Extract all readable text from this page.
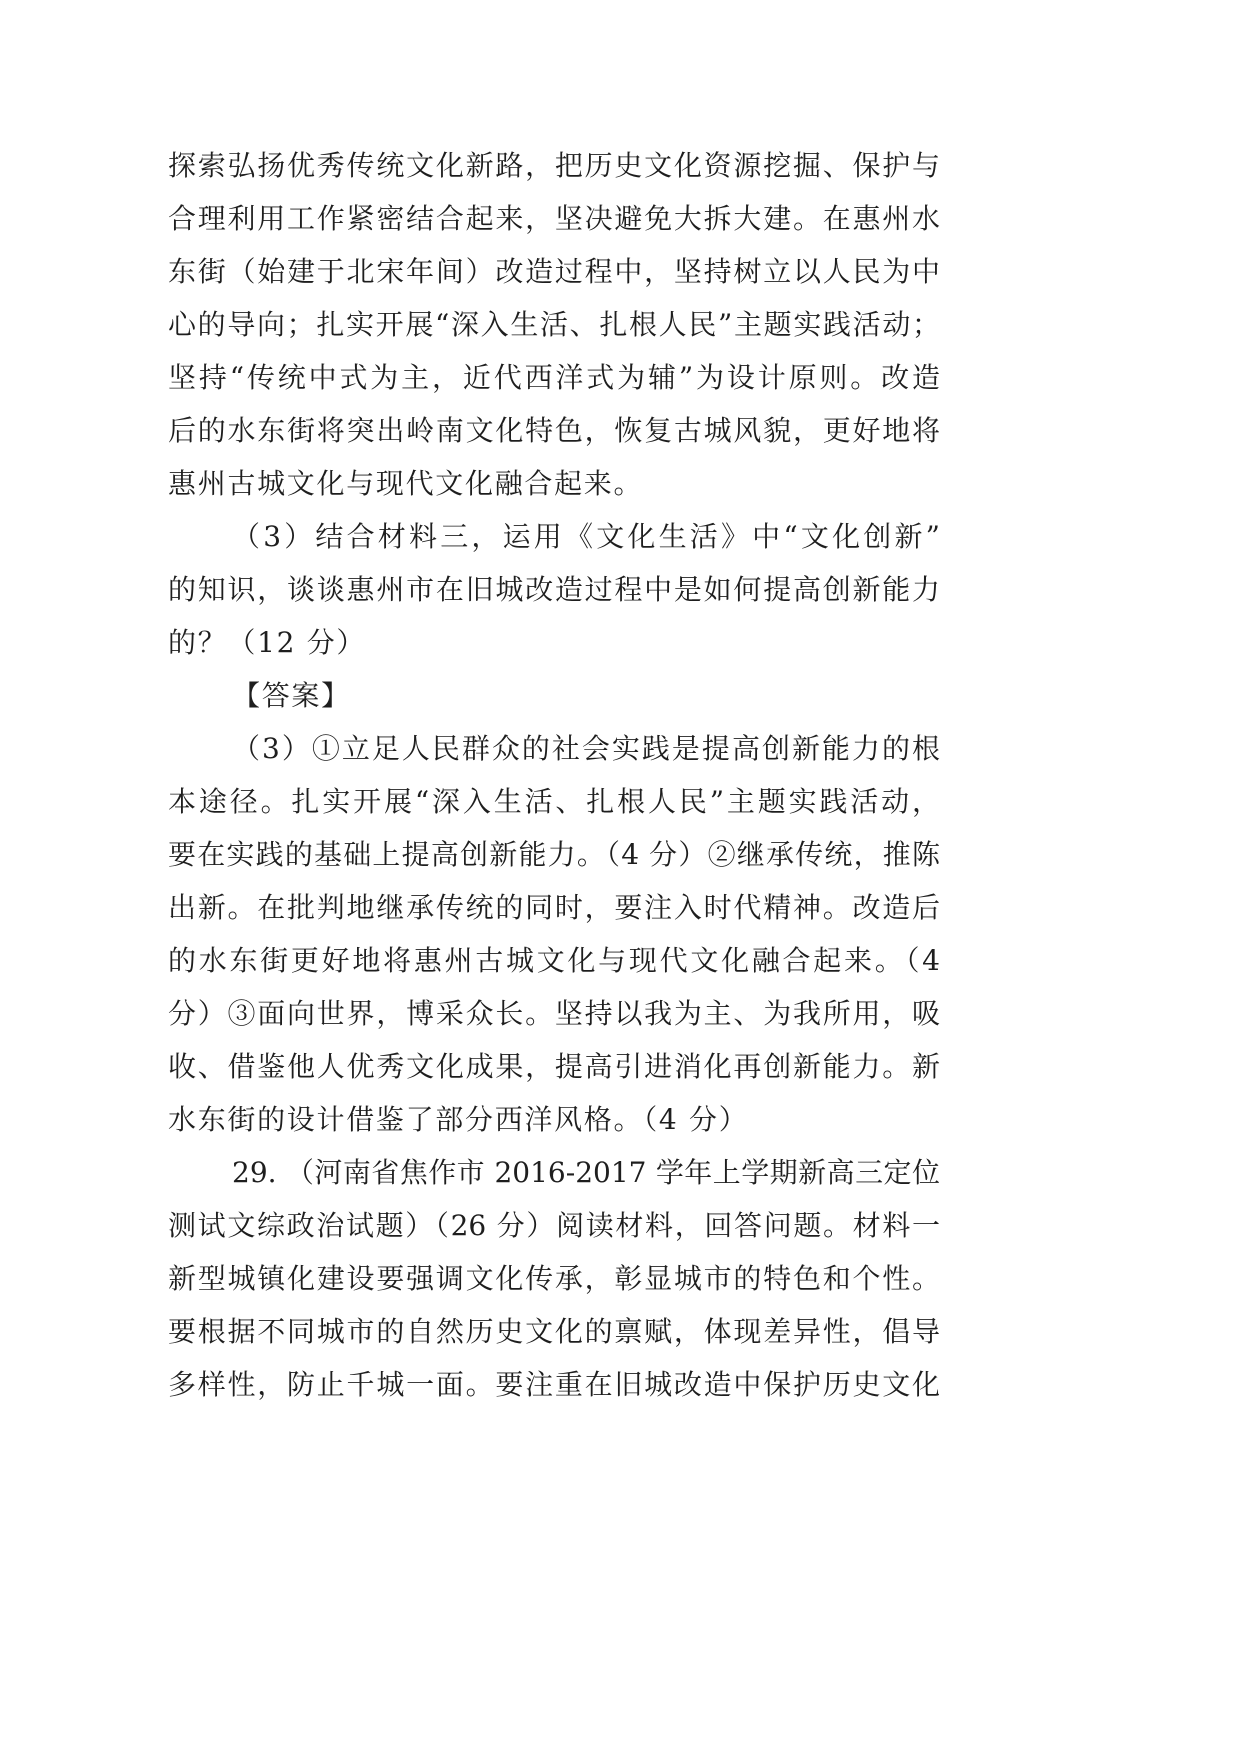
探索弘扬优秀传统文化新路，把历史文化资源挖掘、保护与
合理利用工作紧密结合起来，坚决避免大拆大建。在惠州水
东街（始建于北宋年间）改造过程中，坚持树立以人民为中
心的导向；扎实开展“深入生活、扎根人民”主题实践活动；
坚持“传统中式为主，近代西洋式为辅”为设计原则。改造
后的水东街将突出岭南文化特色，恢复古城风貌，更好地将
惠州古城文化与现代文化融合起来。
（3）结合材料三，运用《文化生活》中“文化创新”
的知识，谈谈惠州市在旧城改造过程中是如何提高创新能力
的？（12 分）
【答案】
（3）①立足人民群众的社会实践是提高创新能力的根
本途径。扎实开展“深入生活、扎根人民”主题实践活动，
要在实践的基础上提高创新能力。（4 分）②继承传统，推陈
出新。在批判地继承传统的同时，要注入时代精神。改造后
的水东街更好地将惠州古城文化与现代文化融合起来。（4
分）③面向世界，博采众长。坚持以我为主、为我所用，吸
收、借鉴他人优秀文化成果，提高引进消化再创新能力。新
水东街的设计借鉴了部分西洋风格。（4 分）
29. （河南省焦作市 2016-2017 学年上学期新高三定位
测试文综政治试题）（26 分）阅读材料，回答问题。材料一
新型城镇化建设要强调文化传承，彰显城市的特色和个性。
要根据不同城市的自然历史文化的禀赋，体现差异性，倡导
多样性，防止千城一面。要注重在旧城改造中保护历史文化
